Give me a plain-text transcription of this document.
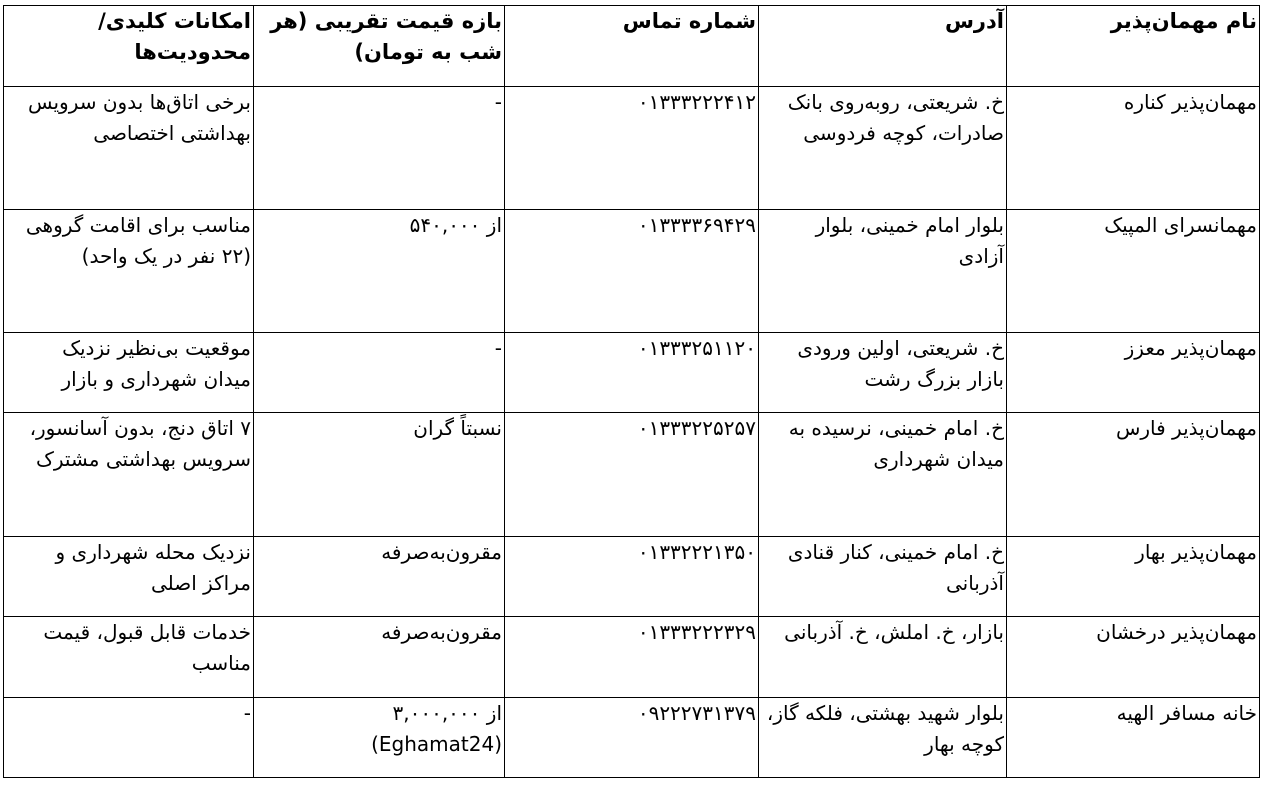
نام مهمان‌پذیر	آدرس	شماره تماس	بازه قیمت تقریبی (هر شب به تومان)	امکانات کلیدی/محدودیت‌ها
مهمان‌پذیر کناره	خ. شریعتی، روبه‌روی بانک صادرات، کوچه فردوسی	۰۱۳۳۳۲۲۲۴۱۲	-	برخی اتاق‌ها بدون سرویس بهداشتی اختصاصی
مهمانسرای المپیک	بلوار امام خمینی، بلوار آزادی	۰۱۳۳۳۳۶۹۴۲۹	از ۵۴۰,۰۰۰	مناسب برای اقامت گروهی (۲۲ نفر در یک واحد)
مهمان‌پذیر معزز	خ. شریعتی، اولین ورودی بازار بزرگ رشت	۰۱۳۳۳۲۵۱۱۲۰	-	موقعیت بی‌نظیر نزدیک میدان شهرداری و بازار
مهمان‌پذیر فارس	خ. امام خمینی، نرسیده به میدان شهرداری	۰۱۳۳۳۲۲۵۲۵۷	نسبتاً گران	۷ اتاق دنج، بدون آسانسور، سرویس بهداشتی مشترک
مهمان‌پذیر بهار	خ. امام خمینی، کنار قنادی آذربانی	۰۱۳۳۲۲۲۱۳۵۰	مقرون‌به‌صرفه	نزدیک محله شهرداری و مراکز اصلی
مهمان‌پذیر درخشان	بازار، خ. املش، خ. آذربانی	۰۱۳۳۳۲۲۲۳۲۹	مقرون‌به‌صرفه	خدمات قابل قبول، قیمت مناسب
خانه مسافر الهیه	بلوار شهید بهشتی، فلکه گاز، کوچه بهار	۰۹۲۲۲۷۳۱۳۷۹	از ۳,۰۰۰,۰۰۰ (Eghamat24)	-
